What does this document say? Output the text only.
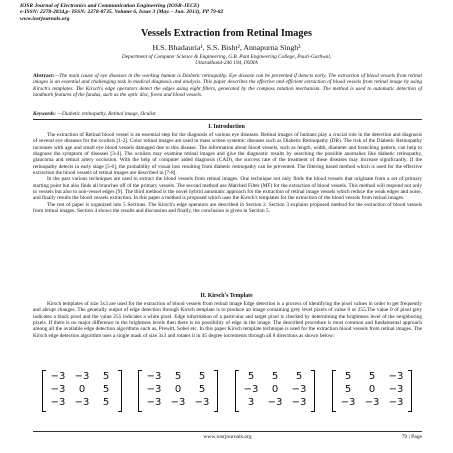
IOSR Journal of Electronics and Communication Engineering (IOSR-JECE)
e-ISSN: 2278-2834,p- ISSN: 2278-8735. Volume 6, Issue 3 (May. - Jun. 2013), PP 79-82
www.iosrjournals.org
Vessels Extraction from Retinal Images
H.S. Bhadauria¹, S.S. Bisht², Annapurna Singh³
Department of Computer Science & Engineering, G.B. Pant Engineering College, Pauri-Garhwal,
Uttarakhand-246 194, INDIA
Abstract:—The main cause of eye diseases in the working human is Diabetic retinopathy. Eye disease can be prevented if detects early. The extraction of blood vessels from retinal images is an essential and challenging task in medical diagnosis and analysis. This paper describes the effective and efficient extraction of blood vessels from retinal image by using Kirsch's templates. The Kirsch's edge operators detect the edges using eight filters, generated by the compass rotation mechanism. The method is used to automatic detection of landmark features of the fundus, such as the optic disc, fovea and blood vessels.
Keywords: —Diabetic retinopathy, Retinal image, Oculist
I. Introduction

The extraction of Retinal blood vessel is an essential step for the diagnosis of various eye diseases. Retinal images of humans play a crucial role in the detection and diagnosis of several eye diseases for the oculists [1-2]. Color retinal images are used in mass screen systemic diseases such as Diabetic Retinopathy (DR). The risk of the Diabetic Retinopathy increases with age and small eye blood vessels damaged due to this disease. The information about blood vessels, such as length, width, diameter and branching pattern, can help to diagnose the symptom of diseases [3-4]. The oculists may examine retinal images and give the diagnostic results by searching the possible anomalies like diabetic retinopathy, glaucoma and retinal artery occlusion. With the help of computer aided diagnosis (CAD), the success rate of the treatment of these diseases may increase significantly. If the retinopathy detects in early stage [5-6], the probability of visual loss resulting from diabetic retinopathy can be prevented. The filtering based method which is used for the effective extraction the blood vessels of retinal images are described in [7-8].

In the past various techniques are used to extract the blood vessels from retinal images. One technique not only finds the blood vessels that originate from a set of primary starting point but also finds all branches off of the primary vessels. The second method use Matched Filter (MF) for the extraction of blood vessels. This method will respond not only to vessels but also to non-vessel edges [9]. The third method is the novel hybrid automatic approach for the extraction of retinal image vessels which reduce the weak edges and noise, and finally results the blood vessels extraction. In this paper a method is proposed which uses the Kirsch's templates for the extraction of the blood vessels from retinal images.

The rest of paper is organized into 5 Sections. The Kirsch's edge operators are described in Section 2. Section 3 explains proposed method for the extraction of blood vessels from retinal images. Section 4 shows the results and discussion and finally, the conclusion is given in Section 5.

II. Kirsch's Template

Kirsch templates of size 3x3 are used for the extraction of blood vessels from retinal image Edge detection is a process of identifying the pixel values in order to get frequently and abrupt changes. The generally output of edge detection through Kirsch template is to produce an image containing grey level pixels of value 0 or 255.The value 0 of pixel grey indicates a black pixel and the value 255 indicates a white pixel. Edge information of a particular and target pixel is checked by determining the brightness level of the neighboring pixels. If there is no major difference in the brightness levels then there is no possibility of edge in the image. The described procedure is most common and fundamental approach among all the available edge detection algorithms such as, Prewitt, Sobel etc. In this paper Kirsch template technique is used for the extraction blood vessels from retinal images. The Kirsch edge detection algorithm uses a single mask of size 3x3 and rotates it in 45 degree increments through all 8 directions as shown below:

−3 −3	5
−3	0	5
−3 −3	5
−3	5	5
−3	0	5
−3 −3 −3
5	5	5
−3	0	−3
3	−3 −3
5	5	−3
5	0	−3
−3 −3 −3
www.iosrjournals.org	79 | Page
